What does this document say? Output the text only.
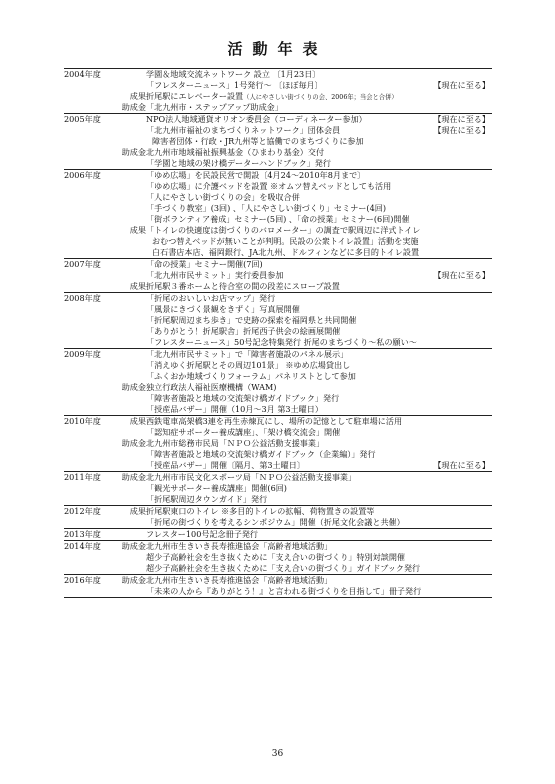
活動年表
2004年度		学園＆地域交流ネットワーク 設立 〔1月23日〕
「フレスターニュース」1号発行～ 〔ほぼ毎月〕 【現在に至る】

	成果	折尾駅にエレベーター設置（人にやさしい街づくりの会、2006年；当会と合併）

	助成金	「北九州市・ステップアップ助成金」

2005年度		NPO法人地域通貨オリオン委員会（コーディネーター参加） 【現在に至る】
「北九州市福祉のまちづくりネットワーク」団体会員 【現在に至る】
障害者団体・行政・JR九州等と協働でのまちづくりに参加

	助成金	北九州市地域福祉振興基金（ひまわり基金）交付
「学園と地域の架け橋データーハンドブック」発行

2006年度		「ゆめ広場」を民設民営で開設〔4月24～2010年8月まで〕
「ゆめ広場」に介護ベッドを設置 ※オムツ替えベッドとしても活用
「人にやさしい街づくりの会」を吸収合併
「手づくり教室」(3回) 、「人にやさしい街づくり」セミナー(4回)
「街ボランティア養成」セミナー(5回) 、「命の授業」セミナー(6回)開催

	成果	「トイレの快適度は街づくりのバロメーター」の調査で駅周辺に洋式トイレ
おむつ替えベッドが無いことが判明。民設の公衆トイレ設置」活動を実施
白石書店本店、福岡銀行、JA北九州、ドルフィンなどに多目的トイレ設置

2007年度		「命の授業」セミナー開催(7回)
「北九州市民サミット」実行委員参加 【現在に至る】

	成果	折尾駅３番ホームと待合室の間の段差にスロープ設置

2008年度		「折尾のおいしいお店マップ」発行
「風景にきづく景観をきずく」写真展開催
「折尾駅周辺まち歩き」で史跡の探索を福岡県と共同開催
「ありがとう！折尾駅舎」折尾西子供会の絵画展開催
「フレスターニュース」50号記念特集発行 折尾のまちづくり～私の願い～

2009年度		「北九州市民サミット」で「障害者施設のパネル展示」
「消えゆく折尾駅とその周辺101景」 ※ゆめ広場貸出し
「ふくおか地域づくりフォーラム」パネリストとして参加

	助成金	独立行政法人福祉医療機構（WAM)
「障害者施設と地域の交流架け橋ガイドブック」発行
「授産品バザー」開催（10月～3月 第3土曜日）

2010年度	成果	西鉄電車高架橋3連を再生赤煉瓦にし、場所の記憶として駐車場に活用
「認知症サポーター養成講座」、「架け橋交流会」開催

	助成金	北九州市総務市民局「ＮＰＯ公益活動支援事業」
「障害者施設と地域の交流架け橋ガイドブック（企業編）」発行
「授産品バザー」開催〔隔月、第3土曜日〕 【現在に至る】

2011年度	助成金	北九州市市民文化スポーツ局「ＮＰＯ公益活動支援事業」
「観光サポーター養成講座」開催(6回)
「折尾駅周辺タウンガイド」発行

2012年度	成果	折尾駅東口のトイレ ※多目的トイレの拡幅、荷物置きの設置等
「折尾の街づくりを考えるシンポジウム」開催（折尾文化会議と共催）

2013年度		フレスター100号記念冊子発行

2014年度	助成金	北九州市生きいき長寿推進協会「高齢者地域活動」
超少子高齢社会を生き抜くために「支え合いの街づくり」特別対談開催
超少子高齢社会を生き抜くために「支え合いの街づくり」ガイドブック発行

2016年度	助成金	北九州市生きいき長寿推進協会「高齢者地域活動」
「未来の人から『ありがとう！』と言われる街づくりを目指して」冊子発行
36
